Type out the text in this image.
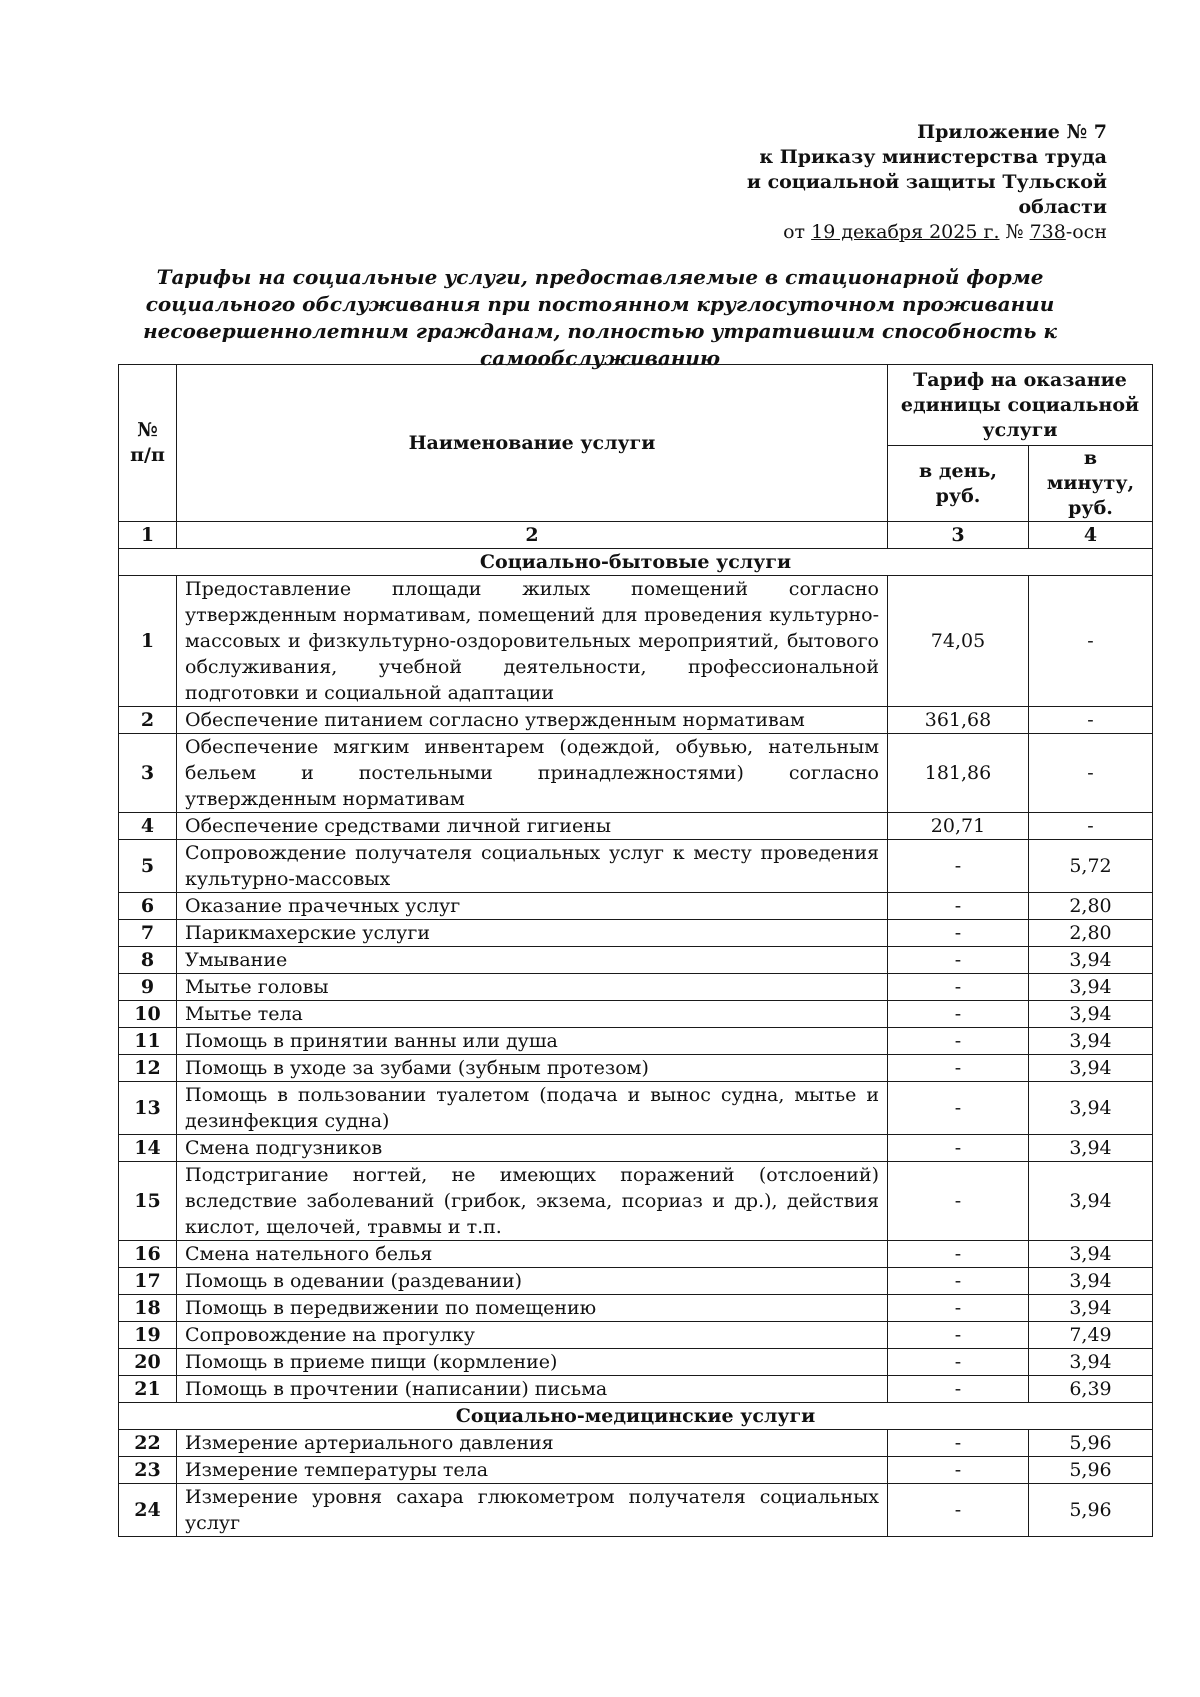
Приложение № 7
к Приказу министерства труда
и социальной защиты Тульской
области
от 19 декабря 2025 г. № 738-осн
Тарифы на социальные услуги, предоставляемые в стационарной форме социального обслуживания при постоянном круглосуточном проживании несовершеннолетним гражданам, полностью утратившим способность к самообслуживанию
№ п/п	Наименование услуги	Тариф на оказание единицы социальной услуги	
		в день, руб.	в минуту, руб.
1	2	3	4
Социально-бытовые услуги			
1	Предоставление площади жилых помещений согласно утвержденным нормативам, помещений для проведения культурно-массовых и физкультурно-оздоровительных мероприятий, бытового обслуживания, учебной деятельности, профессиональной подготовки и социальной адаптации	74,05	-
2	Обеспечение питанием согласно утвержденным нормативам	361,68	-
3	Обеспечение мягким инвентарем (одеждой, обувью, нательным бельем и постельными принадлежностями) согласно утвержденным нормативам	181,86	-
4	Обеспечение средствами личной гигиены	20,71	-
5	Сопровождение получателя социальных услуг к месту проведения культурно-массовых	-	5,72
6	Оказание прачечных услуг	-	2,80
7	Парикмахерские услуги	-	2,80
8	Умывание	-	3,94
9	Мытье головы	-	3,94
10	Мытье тела	-	3,94
11	Помощь в принятии ванны или душа	-	3,94
12	Помощь в уходе за зубами (зубным протезом)	-	3,94
13	Помощь в пользовании туалетом (подача и вынос судна, мытье и дезинфекция судна)	-	3,94
14	Смена подгузников	-	3,94
15	Подстригание ногтей, не имеющих поражений (отслоений) вследствие заболеваний (грибок, экзема, псориаз и др.), действия кислот, щелочей, травмы и т.п.	-	3,94
16	Смена нательного белья	-	3,94
17	Помощь в одевании (раздевании)	-	3,94
18	Помощь в передвижении по помещению	-	3,94
19	Сопровождение на прогулку	-	7,49
20	Помощь в приеме пищи (кормление)	-	3,94
21	Помощь в прочтении (написании) письма	-	6,39
Социально-медицинские услуги			
22	Измерение артериального давления	-	5,96
23	Измерение температуры тела	-	5,96
24	Измерение уровня сахара глюкометром получателя социальных услуг	-	5,96
